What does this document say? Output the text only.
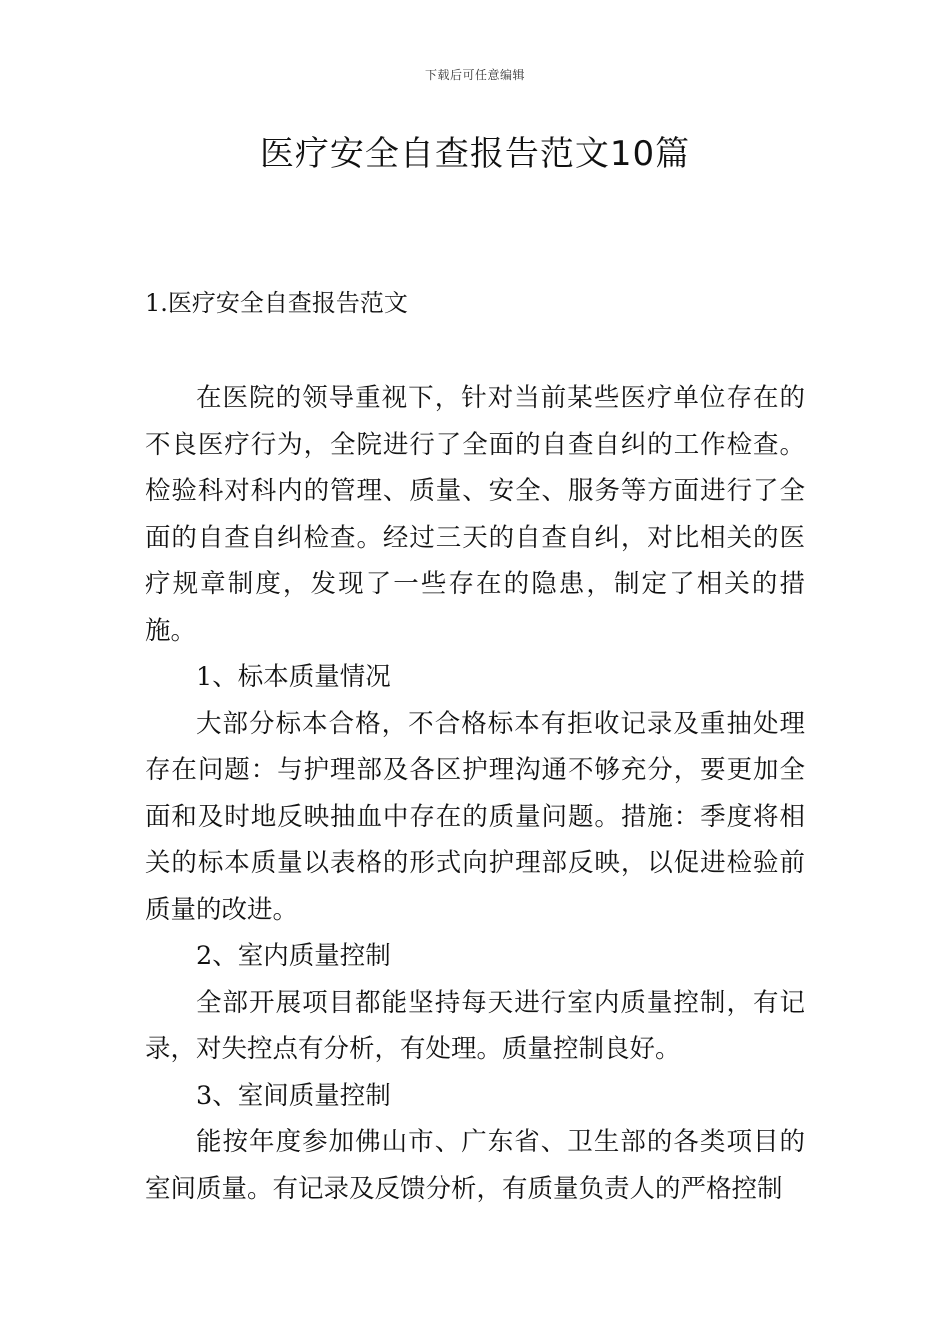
下载后可任意编辑
医疗安全自查报告范文10篇
1.医疗安全自查报告范文

在医院的领导重视下，针对当前某些医疗单位存在的不良医疗行为，全院进行了全面的自查自纠的工作检查。检验科对科内的管理、质量、安全、服务等方面进行了全面的自查自纠检查。经过三天的自查自纠，对比相关的医疗规章制度，发现了一些存在的隐患，制定了相关的措施。

1、标本质量情况

大部分标本合格，不合格标本有拒收记录及重抽处理存在问题：与护理部及各区护理沟通不够充分，要更加全面和及时地反映抽血中存在的质量问题。措施：季度将相关的标本质量以表格的形式向护理部反映，以促进检验前质量的改进。

2、室内质量控制

全部开展项目都能坚持每天进行室内质量控制，有记录，对失控点有分析，有处理。质量控制良好。

3、室间质量控制

能按年度参加佛山市、广东省、卫生部的各类项目的室间质量。有记录及反馈分析，有质量负责人的严格控制
